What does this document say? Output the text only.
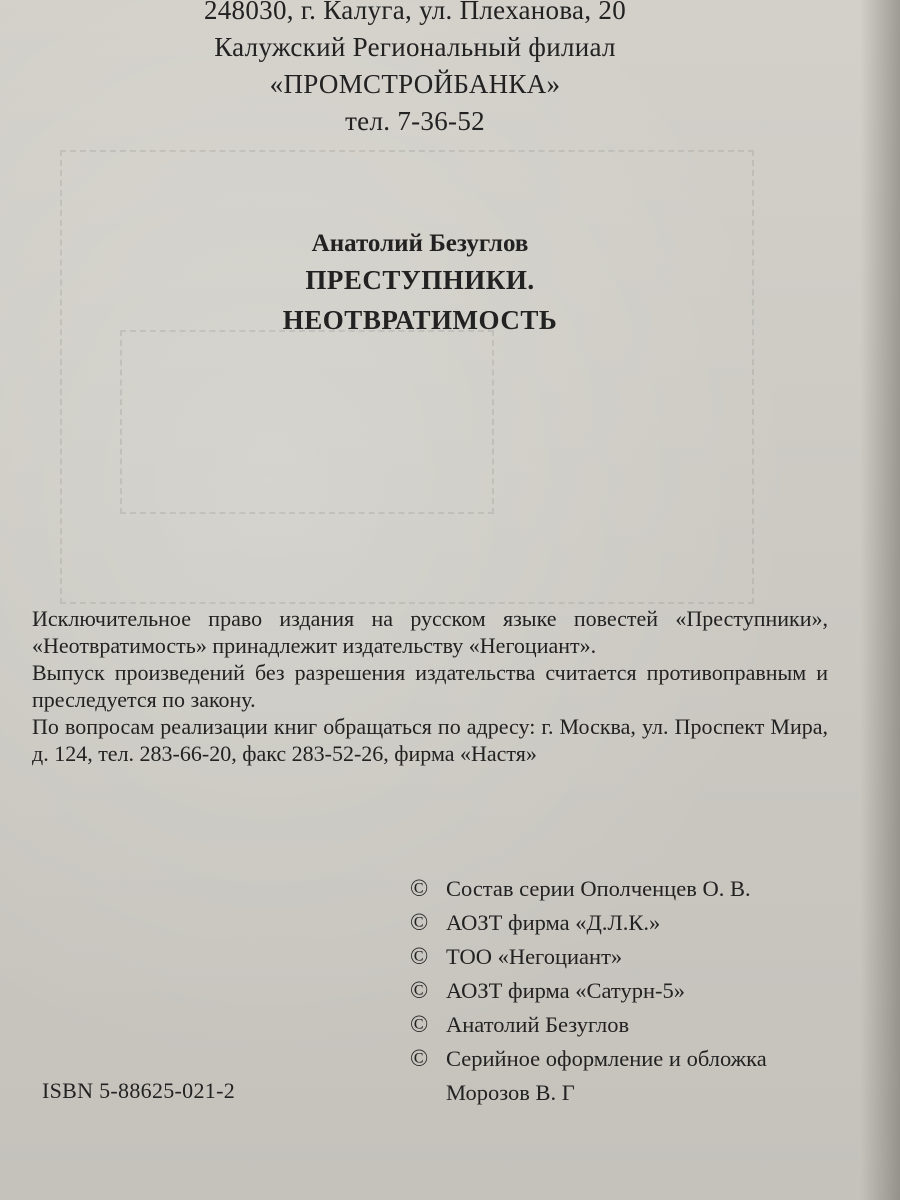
248030, г. Калуга, ул. Плеханова, 20
Калужский Региональный филиал
«ПРОМСТРОЙБАНКА»
тел. 7-36-52
Анатолий Безуглов
ПРЕСТУПНИКИ.
НЕОТВРАТИМОСТЬ

Исключительное право издания на русском языке повестей «Преступники», «Неотвратимость» принадлежит издательству «Негоциант».

Выпуск произведений без разрешения издательства считается противоправным и преследуется по закону.

По вопросам реализации книг обращаться по адресу: г. Москва, ул. Проспект Мира, д. 124, тел. 283-66-20, факс 283-52-26, фирма «Настя»

© Состав серии Ополченцев О. В.
© АОЗТ фирма «Д.Л.К.»
© ТОО «Негоциант»
© АОЗТ фирма «Сатурн-5»
© Анатолий Безуглов
© Серийное оформление и обложка
Морозов В. Г
ISBN 5-88625-021-2
